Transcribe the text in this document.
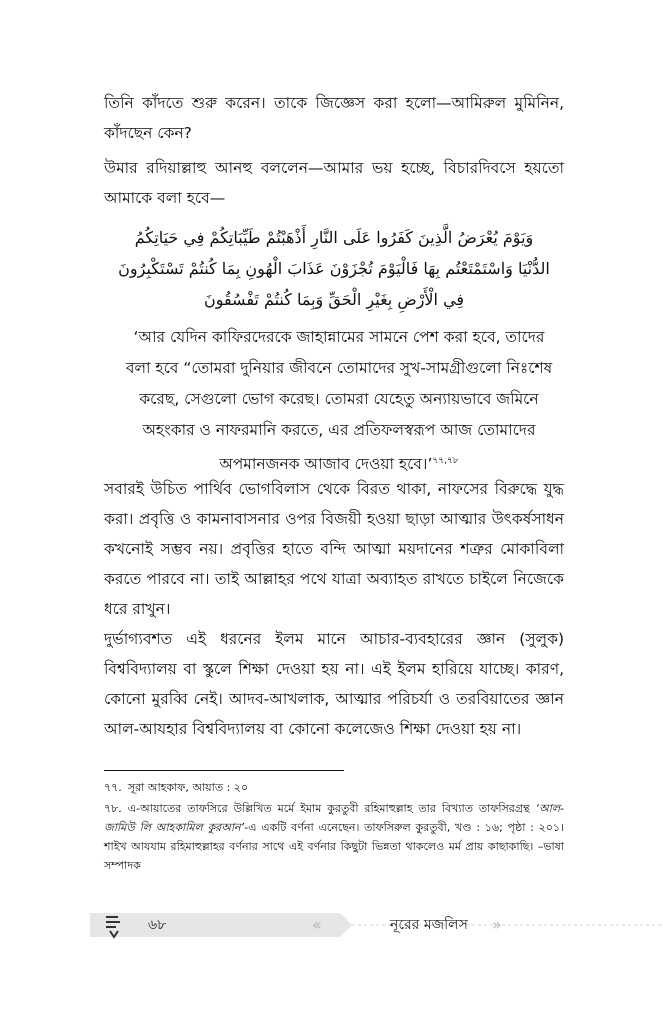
তিনি কাঁদতে শুরু করেন। তাকে জিজ্ঞেস করা হলো—আমিরুল মুমিনিন, কাঁদছেন কেন?

উমার রদিয়াল্লাহু আনহু বললেন—আমার ভয় হচ্ছে, বিচারদিবসে হয়তো আমাকে বলা হবে—

وَيَوْمَ يُعْرَضُ الَّذِينَ كَفَرُوا عَلَى النَّارِ أَذْهَبْتُمْ طَيِّبَاتِكُمْ فِي حَيَاتِكُمُ
الدُّنْيَا وَاسْتَمْتَعْتُم بِهَا فَالْيَوْمَ تُجْزَوْنَ عَذَابَ الْهُونِ بِمَا كُنتُمْ تَسْتَكْبِرُونَ
فِي الْأَرْضِ بِغَيْرِ الْحَقِّ وَبِمَا كُنتُمْ تَفْسُقُونَ
‘আর যেদিন কাফিরদেরকে জাহান্নামের সামনে পেশ করা হবে, তাদের বলা হবে “তোমরা দুনিয়ার জীবনে তোমাদের সুখ-সামগ্রীগুলো নিঃশেষ করেছ, সেগুলো ভোগ করেছ। তোমরা যেহেতু অন্যায়ভাবে জমিনে অহংকার ও নাফরমানি করতে, এর প্রতিফলস্বরূপ আজ তোমাদের অপমানজনক আজাব দেওয়া হবে।’$^{৭৭,৭৮}$

সবারই উচিত পার্থিব ভোগবিলাস থেকে বিরত থাকা, নাফসের বিরুদ্ধে যুদ্ধ করা। প্রবৃত্তি ও কামনাবাসনার ওপর বিজয়ী হওয়া ছাড়া আত্মার উৎকর্ষসাধন কখনোই সম্ভব নয়। প্রবৃত্তির হাতে বন্দি আত্মা ময়দানের শত্রুর মোকাবিলা করতে পারবে না। তাই আল্লাহর পথে যাত্রা অব্যাহত রাখতে চাইলে নিজেকে ধরে রাখুন।

দুর্ভাগ্যবশত এই ধরনের ইলম মানে আচার-ব্যবহারের জ্ঞান (সুলুক) বিশ্ববিদ্যালয় বা স্কুলে শিক্ষা দেওয়া হয় না। এই ইলম হারিয়ে যাচ্ছে। কারণ, কোনো মুরব্বি নেই। আদব-আখলাক, আত্মার পরিচর্যা ও তরবিয়াতের জ্ঞান আল-আযহার বিশ্ববিদ্যালয় বা কোনো কলেজেও শিক্ষা দেওয়া হয় না।

৭৭. সূরা আহকাফ, আয়াত : ২০

৭৮. এ-আয়াতের তাফসিরে উল্লিখিত মর্মে ইমাম কুরতুবী রহিমাহুল্লাহ তার বিখ্যাত তাফসিরগ্রন্থ ‘আল-জামিউ লি আহকামিল কুরআন’-এ একটি বর্ণনা এনেছেন। তাফসিরুল কুরতুবী, খণ্ড : ১৬; পৃষ্ঠা : ২০১। শাইখ আযযাম রহিমাহুল্লাহর বর্ণনার সাথে এই বর্ণনার কিছুটা ভিন্নতা থাকলেও মর্ম প্রায় কাছাকাছি। –ভাষা সম্পাদক

৬৮	«	নূরের মজলিস »
